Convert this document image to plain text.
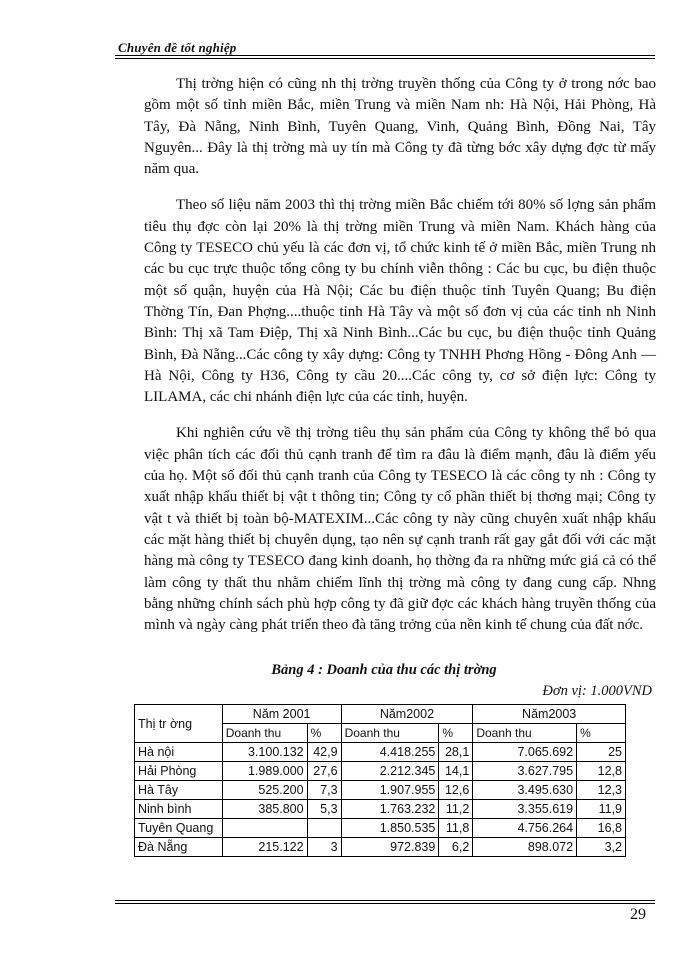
Chuyên đề tốt nghiệp

Thị trờng hiện có cũng nh thị trờng truyền thống của Công ty ở trong nớc bao gồm một số tỉnh miền Bắc, miền Trung và miền Nam nh: Hà Nội, Hải Phòng, Hà Tây, Đà Nẵng, Ninh Bình, Tuyên Quang, Vinh, Quảng Bình, Đồng Nai, Tây Nguyên... Đây là thị trờng mà uy tín mà Công ty đã từng bớc xây dựng đợc từ mấy năm qua.

Theo số liệu năm 2003 thì thị trờng miền Bắc chiếm tới 80% số lợng sản phẩm tiêu thụ đợc còn lại 20% là thị trờng miền Trung và miền Nam. Khách hàng của Công ty TESECO chủ yếu là các đơn vị, tổ chức kinh tế ở miền Bắc, miền Trung nh các bu cục trực thuộc tổng công ty bu chính viễn thông : Các bu cục, bu điện thuộc một số quận, huyện của Hà Nội; Các bu điện thuộc tỉnh Tuyên Quang; Bu điện Thờng Tín, Đan Phợng....thuộc tỉnh Hà Tây và một số đơn vị của các tỉnh nh Ninh Bình: Thị xã Tam Điệp, Thị xã Ninh Bình...Các bu cục, bu điện thuộc tỉnh Quảng Bình, Đà Nẵng...Các công ty xây dựng: Công ty TNHH Phơng Hồng - Đông Anh — Hà Nội, Công ty H36, Công ty cầu 20....Các công ty, cơ sở điện lực: Công ty LILAMA, các chi nhánh điện lực của các tỉnh, huyện.

Khi nghiên cứu về thị trờng tiêu thụ sản phẩm của Công ty không thể bỏ qua việc phân tích các đối thủ cạnh tranh để tìm ra đâu là điểm mạnh, đâu là điểm yếu của họ. Một số đối thủ cạnh tranh của Công ty TESECO là các công ty nh : Công ty xuất nhập khẩu thiết bị vật t thông tin; Công ty cổ phần thiết bị thơng mại; Công ty vật t và thiết bị toàn bộ-MATEXIM...Các công ty này cũng chuyên xuất nhập khẩu các mặt hàng thiết bị chuyên dụng, tạo nên sự cạnh tranh rất gay gắt đối với các mặt hàng mà công ty TESECO đang kinh doanh, họ thờng đa ra những mức giá cả có thể làm công ty thất thu nhằm chiếm lĩnh thị trờng mà công ty đang cung cấp. Nhng bằng những chính sách phù hợp công ty đã giữ đợc các khách hàng truyền thống của mình và ngày càng phát triển theo đà tăng trởng của nền kinh tế chung của đất nớc.

Bảng 4 : Doanh của thu các thị trờng
Đơn vị: 1.000VND
Thị tr ờng	Năm 2001		Năm2002		Năm2003	
	Doanh thu	%	Doanh thu	%	Doanh thu	%
Hà nội	3.100.132	42,9	4.418.255	28,1	7.065.692	25
Hải Phòng	1.989.000	27,6	2.212.345	14,1	3.627.795	12,8
Hà Tây	525.200	7,3	1.907.955	12,6	3.495.630	12,3
Ninh bình	385.800	5,3	1.763.232	11,2	3.355.619	11,9
Tuyên Quang			1.850.535	11,8	4.756.264	16,8
Đà Nẵng	215.122	3	972.839	6,2	898.072	3,2
29
